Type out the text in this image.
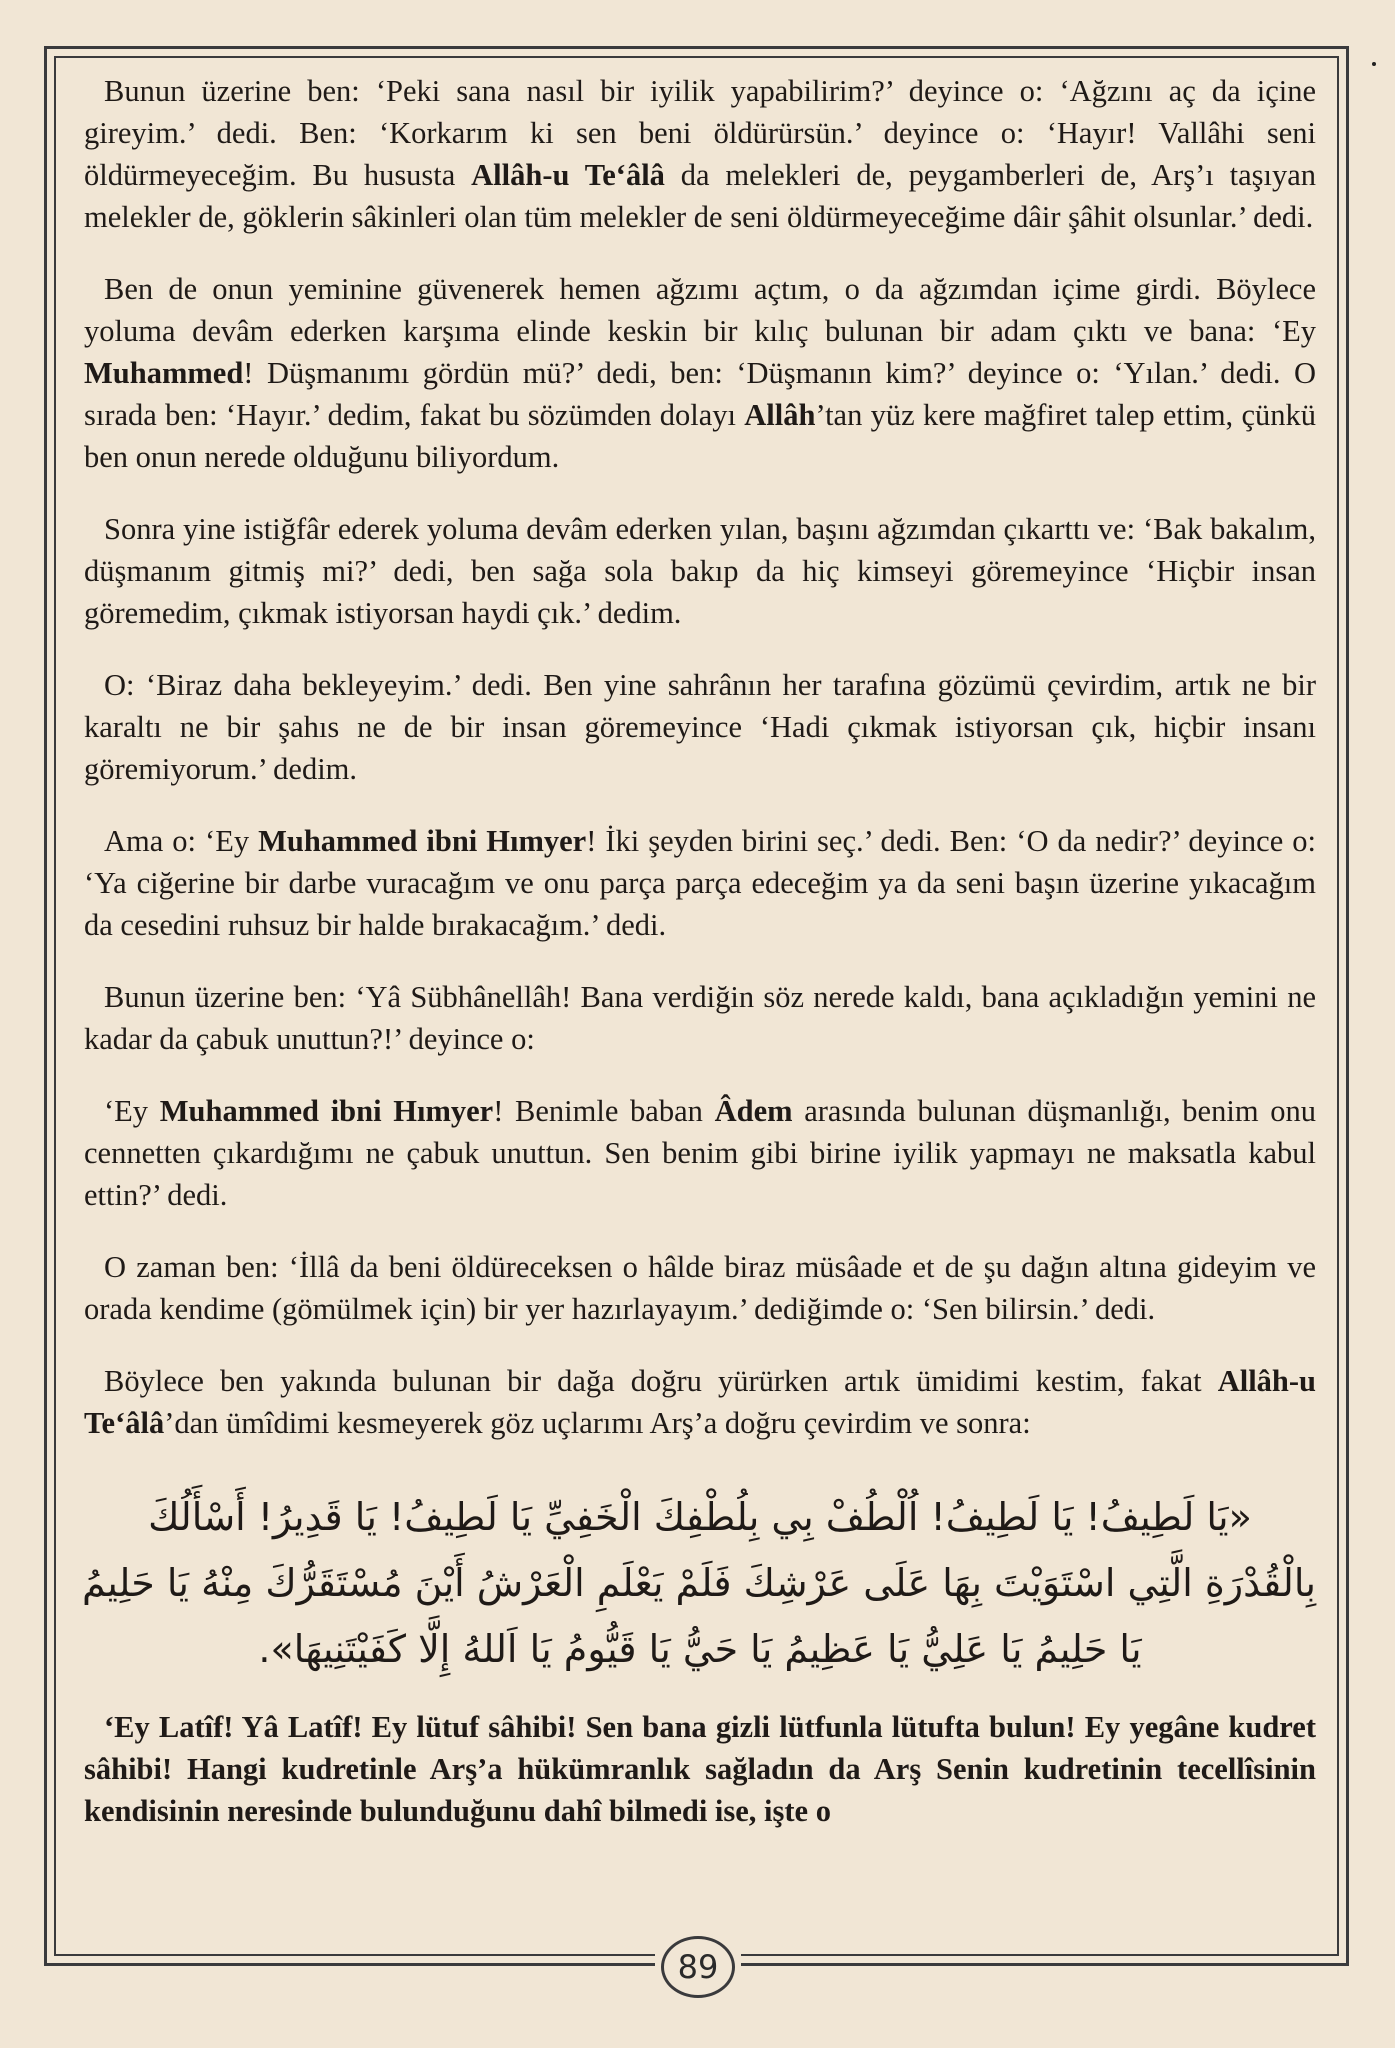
Bunun üzerine ben: ‘Peki sana nasıl bir iyilik yapabilirim?’ deyince o: ‘Ağzını aç da içine gireyim.’ dedi. Ben: ‘Korkarım ki sen beni öldürürsün.’ deyince o: ‘Hayır! Vallâhi seni öldürmeyeceğim. Bu hususta Allâh-u Te‘âlâ da melekleri de, peygamberleri de, Arş’ı taşıyan melekler de, göklerin sâkinleri olan tüm melekler de seni öldürmeyeceğime dâir şâhit olsunlar.’ dedi.

Ben de onun yeminine güvenerek hemen ağzımı açtım, o da ağzımdan içime girdi. Böylece yoluma devâm ederken karşıma elinde keskin bir kılıç bulunan bir adam çıktı ve bana: ‘Ey Muhammed! Düşmanımı gördün mü?’ dedi, ben: ‘Düşmanın kim?’ deyince o: ‘Yılan.’ dedi. O sırada ben: ‘Hayır.’ dedim, fakat bu sözümden dolayı Allâh’tan yüz kere mağfiret talep ettim, çünkü ben onun nerede olduğunu biliyordum.

Sonra yine istiğfâr ederek yoluma devâm ederken yılan, başını ağzımdan çıkarttı ve: ‘Bak bakalım, düşmanım gitmiş mi?’ dedi, ben sağa sola bakıp da hiç kimseyi göremeyince ‘Hiçbir insan göremedim, çıkmak istiyorsan haydi çık.’ dedim.

O: ‘Biraz daha bekleyeyim.’ dedi. Ben yine sahrânın her tarafına gözümü çevirdim, artık ne bir karaltı ne bir şahıs ne de bir insan göremeyince ‘Hadi çıkmak istiyorsan çık, hiçbir insanı göremiyorum.’ dedim.

Ama o: ‘Ey Muhammed ibni Hımyer! İki şeyden birini seç.’ dedi. Ben: ‘O da nedir?’ deyince o: ‘Ya ciğerine bir darbe vuracağım ve onu parça parça edeceğim ya da seni başın üzerine yıkacağım da cesedini ruhsuz bir halde bırakacağım.’ dedi.

Bunun üzerine ben: ‘Yâ Sübhânellâh! Bana verdiğin söz nerede kaldı, bana açıkladığın yemini ne kadar da çabuk unuttun?!’ deyince o:

‘Ey Muhammed ibni Hımyer! Benimle baban Âdem arasında bulunan düşmanlığı, benim onu cennetten çıkardığımı ne çabuk unuttun. Sen benim gibi birine iyilik yapmayı ne maksatla kabul ettin?’ dedi.

O zaman ben: ‘İllâ da beni öldüreceksen o hâlde biraz müsâade et de şu dağın altına gideyim ve orada kendime (gömülmek için) bir yer hazırlayayım.’ dediğimde o: ‘Sen bilirsin.’ dedi.

Böylece ben yakında bulunan bir dağa doğru yürürken artık ümidimi kestim, fakat Allâh-u Te‘âlâ’dan ümîdimi kesmeyerek göz uçlarımı Arş’a doğru çevirdim ve sonra:

«يَا لَطِيفُ! يَا لَطِيفُ! اُلْطُفْ بِي بِلُطْفِكَ الْخَفِيِّ يَا لَطِيفُ! يَا قَدِيرُ! أَسْأَلُكَ
بِالْقُدْرَةِ الَّتِي اسْتَوَيْتَ بِهَا عَلَى عَرْشِكَ فَلَمْ يَعْلَمِ الْعَرْشُ أَيْنَ مُسْتَقَرُّكَ مِنْهُ يَا حَلِيمُ
يَا حَلِيمُ يَا عَلِيُّ يَا عَظِيمُ يَا حَيُّ يَا قَيُّومُ يَا اَللهُ إِلَّا كَفَيْتَنِيهَا».

‘Ey Latîf! Yâ Latîf! Ey lütuf sâhibi! Sen bana gizli lütfunla lütufta bulun! Ey yegâne kudret sâhibi! Hangi kudretinle Arş’a hükümranlık sağladın da Arş Senin kudretinin tecellîsinin kendisinin neresinde bulunduğunu dahî bilmedi ise, işte o

89
